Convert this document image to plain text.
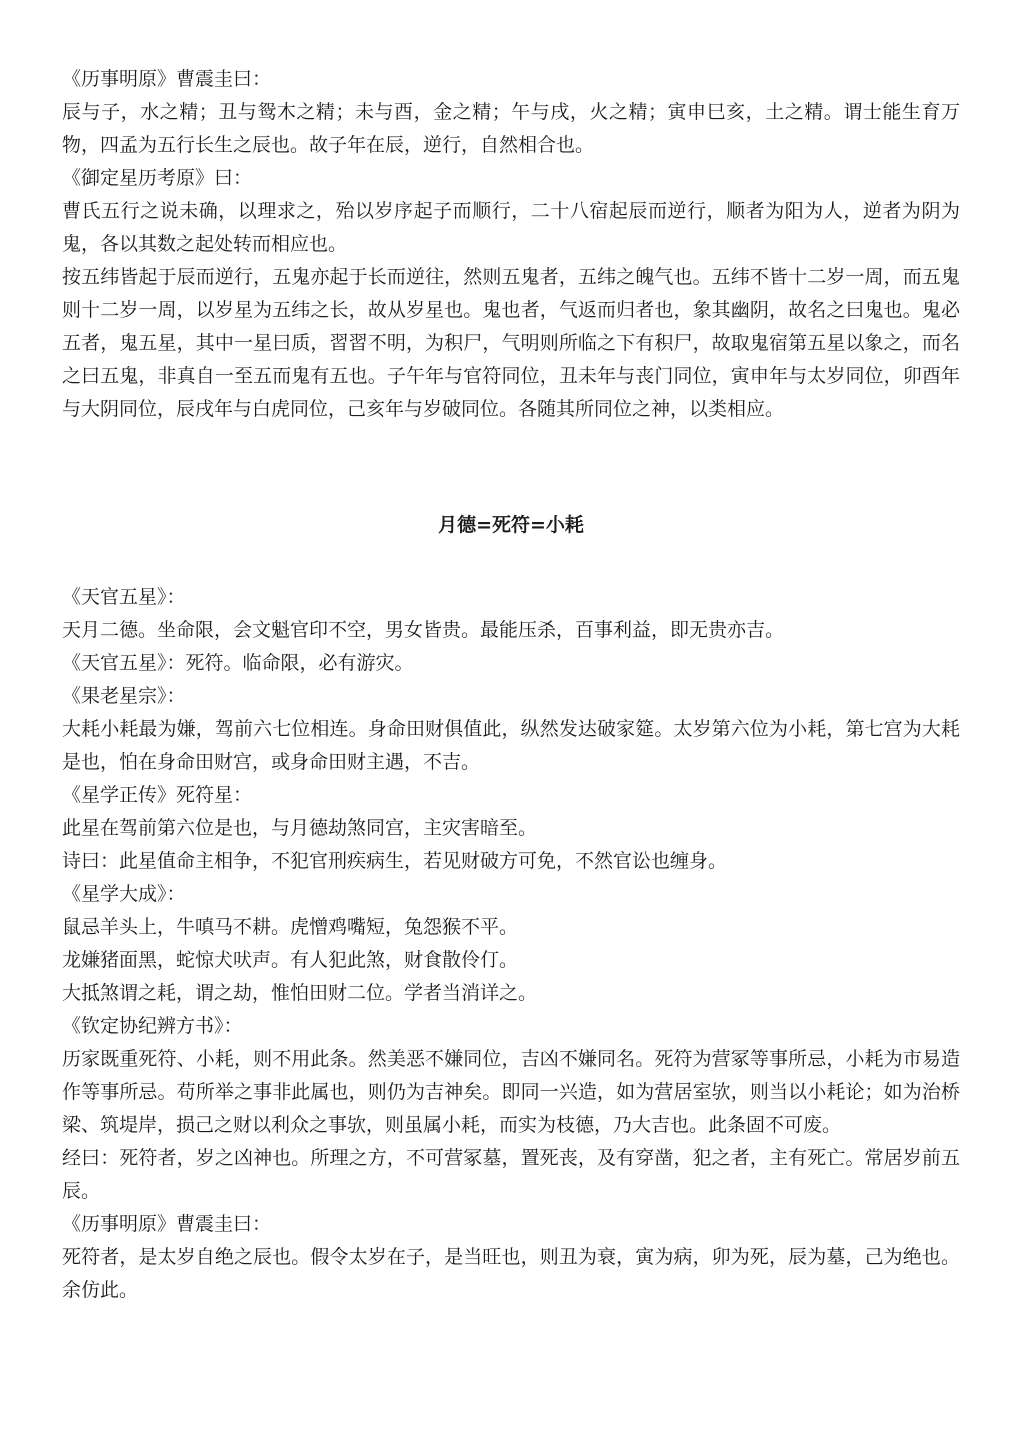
《历事明原》曹震圭曰：

辰与子，水之精；丑与鸳木之精；未与酉，金之精；午与戌，火之精；寅申巳亥，土之精。谓士能生育万物，四孟为五行长生之辰也。故子年在辰，逆行，自然相合也。

《御定星历考原》曰：

曹氏五行之说未确，以理求之，殆以岁序起子而顺行，二十八宿起辰而逆行，顺者为阳为人，逆者为阴为鬼，各以其数之起处转而相应也。

按五纬皆起于辰而逆行，五鬼亦起于长而逆往，然则五鬼者，五纬之魄气也。五纬不皆十二岁一周，而五鬼则十二岁一周，以岁星为五纬之长，故从岁星也。鬼也者，气返而归者也，象其幽阴，故名之曰鬼也。鬼必五者，鬼五星，其中一星曰质，習習不明，为积尸，气明则所临之下有积尸，故取鬼宿第五星以象之，而名之曰五鬼，非真自一至五而鬼有五也。子午年与官符同位，丑未年与丧门同位，寅申年与太岁同位，卯酉年与大阴同位，辰戌年与白虎同位，己亥年与岁破同位。各随其所同位之神，以类相应。

月德=死符=小耗

《天官五星》：

天月二德。坐命限，会文魁官印不空，男女皆贵。最能压杀，百事利益，即无贵亦吉。

《天官五星》：死符。临命限，必有游灾。

《果老星宗》：

大耗小耗最为嫌，驾前六七位相连。身命田财俱值此，纵然发达破家筵。太岁第六位为小耗，第七宫为大耗是也，怕在身命田财宫，或身命田财主遇，不吉。

《星学正传》死符星：

此星在驾前第六位是也，与月德劫煞同宫，主灾害暗至。

诗曰：此星值命主相争，不犯官刑疾病生，若见财破方可免，不然官讼也缠身。

《星学大成》：

鼠忌羊头上，牛嗔马不耕。虎憎鸡嘴短，兔怨猴不平。

龙嫌猪面黑，蛇惊犬吠声。有人犯此煞，财食散伶仃。

大抵煞谓之耗，谓之劫，惟怕田财二位。学者当消详之。

《钦定协纪辨方书》：

历家既重死符、小耗，则不用此条。然美恶不嫌同位，吉凶不嫌同名。死符为营冢等事所忌，小耗为市易造作等事所忌。苟所举之事非此属也，则仍为吉神矣。即同一兴造，如为营居室欤，则当以小耗论；如为治桥梁、筑堤岸，损己之财以利众之事欤，则虽属小耗，而实为枝德，乃大吉也。此条固不可废。

经曰：死符者，岁之凶神也。所理之方，不可营冢墓，置死丧，及有穿凿，犯之者，主有死亡。常居岁前五辰。

《历事明原》曹震圭曰：

死符者，是太岁自绝之辰也。假令太岁在子，是当旺也，则丑为衰，寅为病，卯为死，辰为墓，己为绝也。余仿此。
